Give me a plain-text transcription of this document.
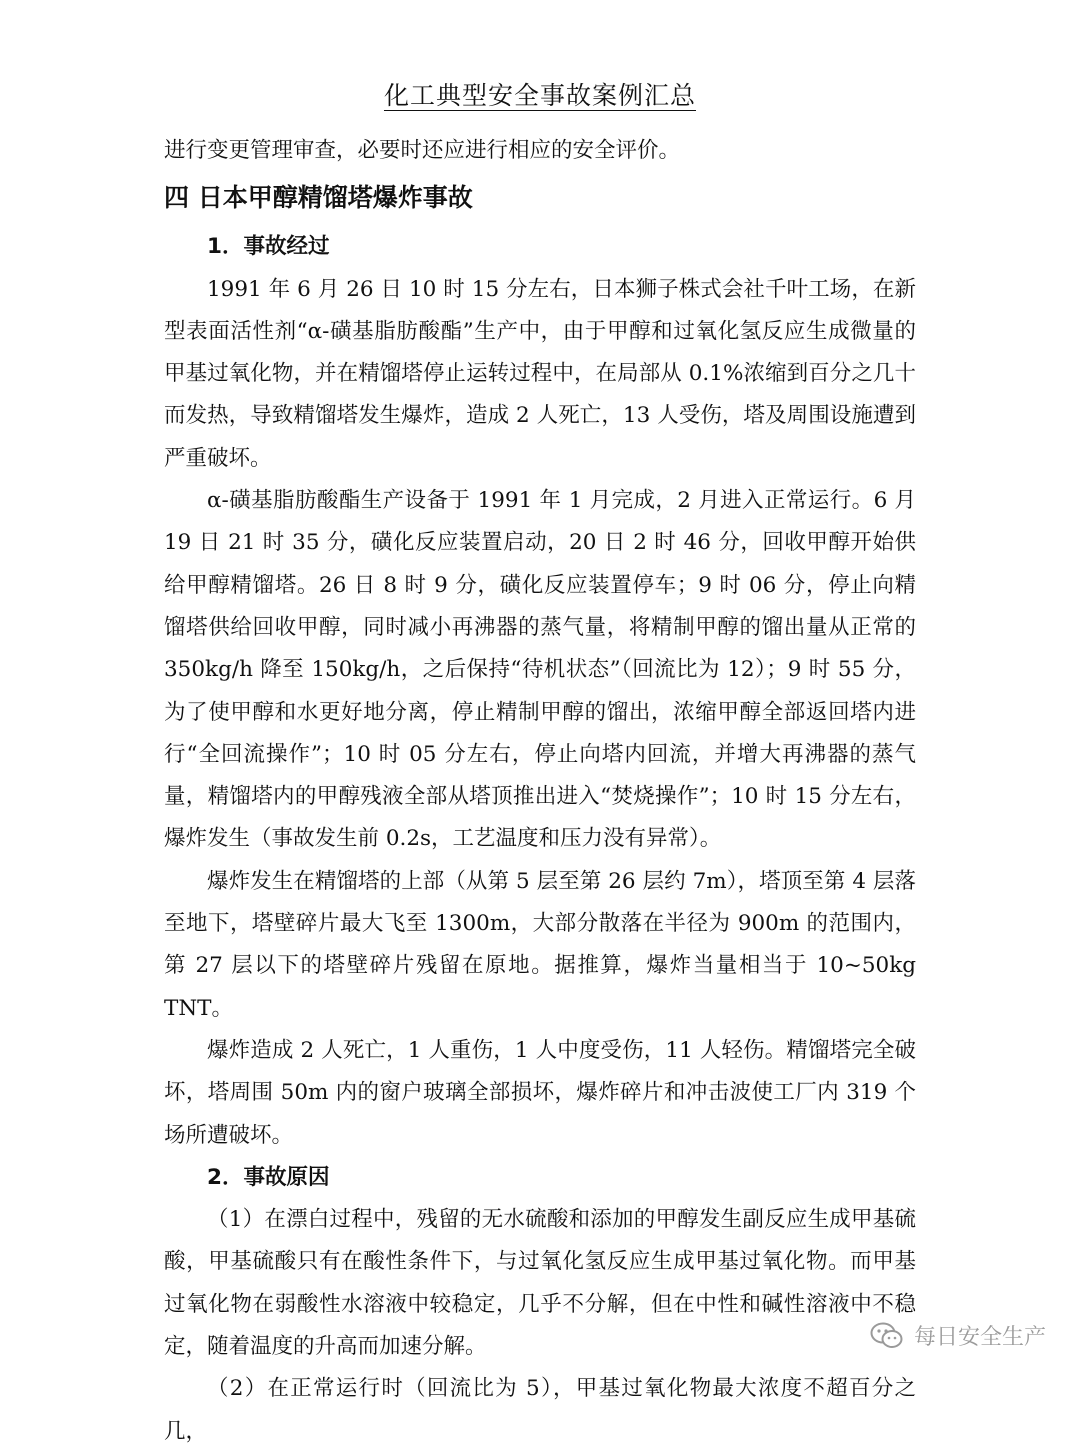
化工典型安全事故案例汇总

进行变更管理审查，必要时还应进行相应的安全评价。

四 日本甲醇精馏塔爆炸事故
1．事故经过

1991 年 6 月 26 日 10 时 15 分左右，日本狮子株式会社千叶工场，在新型表面活性剂“α-磺基脂肪酸酯”生产中，由于甲醇和过氧化氢反应生成微量的甲基过氧化物，并在精馏塔停止运转过程中，在局部从 0.1%浓缩到百分之几十而发热，导致精馏塔发生爆炸，造成 2 人死亡，13 人受伤，塔及周围设施遭到严重破坏。

α-磺基脂肪酸酯生产设备于 1991 年 1 月完成，2 月进入正常运行。6 月 19 日 21 时 35 分，磺化反应装置启动，20 日 2 时 46 分，回收甲醇开始供给甲醇精馏塔。26 日 8 时 9 分，磺化反应装置停车；9 时 06 分，停止向精馏塔供给回收甲醇，同时减小再沸器的蒸气量，将精制甲醇的馏出量从正常的 350kg/h 降至 150kg/h，之后保持“待机状态”（回流比为 12）；9 时 55 分，为了使甲醇和水更好地分离，停止精制甲醇的馏出，浓缩甲醇全部返回塔内进行“全回流操作”；10 时 05 分左右，停止向塔内回流，并增大再沸器的蒸气量，精馏塔内的甲醇残液全部从塔顶推出进入“焚烧操作”；10 时 15 分左右，爆炸发生（事故发生前 0.2s，工艺温度和压力没有异常）。

爆炸发生在精馏塔的上部（从第 5 层至第 26 层约 7m），塔顶至第 4 层落至地下，塔壁碎片最大飞至 1300m，大部分散落在半径为 900m 的范围内，第 27 层以下的塔壁碎片残留在原地。据推算，爆炸当量相当于 10~50kg TNT。

爆炸造成 2 人死亡，1 人重伤，1 人中度受伤，11 人轻伤。精馏塔完全破坏，塔周围 50m 内的窗户玻璃全部损坏，爆炸碎片和冲击波使工厂内 319 个场所遭破坏。

2．事故原因

（1）在漂白过程中，残留的无水硫酸和添加的甲醇发生副反应生成甲基硫酸，甲基硫酸只有在酸性条件下，与过氧化氢反应生成甲基过氧化物。而甲基过氧化物在弱酸性水溶液中较稳定，几乎不分解，但在中性和碱性溶液中不稳定，随着温度的升高而加速分解。

（2）在正常运行时（回流比为 5），甲基过氧化物最大浓度不超百分之几，

每日安全生产
